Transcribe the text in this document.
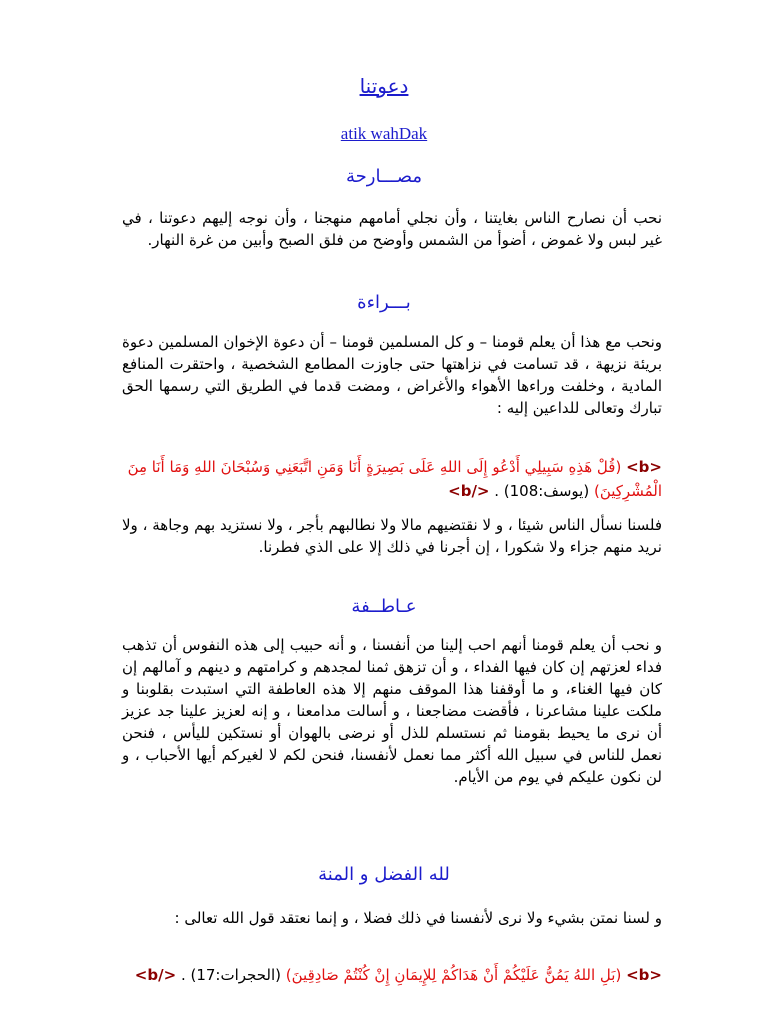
دعوتنا
atik wahDak
مصـــارحة

نحب أن نصارح الناس بغايتنا ، وأن نجلي أمامهم منهجنا ، وأن نوجه إليهم دعوتنا ، في غير لبس ولا غموض ، أضوأ من الشمس وأوضح من فلق الصبح وأبين من غرة النهار.

بـــراءة

ونحب مع هذا أن يعلم قومنا – و كل المسلمين قومنا – أن دعوة الإخوان المسلمين دعوة بريئة نزيهة ، قد تسامت في نزاهتها حتى جاوزت المطامع الشخصية ، واحتقرت المنافع المادية ، وخلفت وراءها الأهواء والأغراض ، ومضت قدما في الطريق التي رسمها الحق تبارك وتعالى للداعين إليه :

<b> (قُلْ هَذِهِ سَبِيلِي أَدْعُو إِلَى اللهِ عَلَى بَصِيرَةٍ أَنَا وَمَنِ اتَّبَعَنِي وَسُبْحَانَ اللهِ وَمَا أَنَا مِنَ الْمُشْرِكِينَ) (يوسف:108) . </b>

فلسنا نسأل الناس شيئا ، و لا نقتضيهم مالا ولا نطالبهم بأجر ، ولا نستزيد بهم وجاهة ، ولا نريد منهم جزاء ولا شكورا ، إن أجرنا في ذلك إلا على الذي فطرنا.

عـاطــفة

و نحب أن يعلم قومنا أنهم احب إلينا من أنفسنا ، و أنه حبيب إلى هذه النفوس أن تذهب فداء لعزتهم إن كان فيها الفداء ، و أن تزهق ثمنا لمجدهم و كرامتهم و دينهم و آمالهم إن كان فيها الغناء، و ما أوقفنا هذا الموقف منهم إلا هذه العاطفة التي استبدت بقلوبنا و ملكت علينا مشاعرنا ، فأقضت مضاجعنا ، و أسالت مدامعنا ، و إنه لعزيز علينا جد عزيز أن نرى ما يحيط بقومنا ثم نستسلم للذل أو نرضى بالهوان أو نستكين لليأس ، فنحن نعمل للناس في سبيل الله أكثر مما نعمل لأنفسنا، فنحن لكم لا لغيركم أيها الأحباب ، و لن نكون عليكم في يوم من الأيام.

لله الفضل و المنة

و لسنا نمتن بشيء ولا نرى لأنفسنا في ذلك فضلا ، و إنما نعتقد قول الله تعالى :

<b> (بَلِ اللهُ يَمُنُّ عَلَيْكُمْ أَنْ هَدَاكُمْ لِلإِيمَانِ إِنْ كُنْتُمْ صَادِقِينَ) (الحجرات:17) . </b>
